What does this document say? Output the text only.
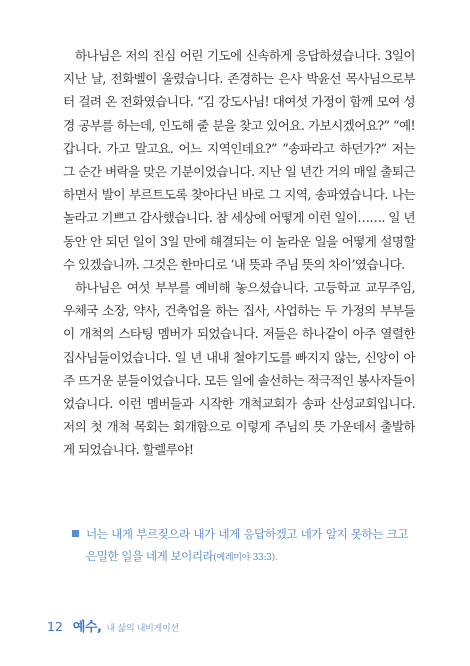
하나님은 저의 진심 어린 기도에 신속하게 응답하셨습니다. 3일이 지난 날, 전화벨이 울렸습니다. 존경하는 은사 박윤선 목사님으로부터 걸려 온 전화였습니다. “김 강도사님! 대여섯 가정이 함께 모여 성경 공부를 하는데, 인도해 줄 분을 찾고 있어요. 가보시겠어요?” “예! 갑니다. 가고 말고요. 어느 지역인데요?” “송파라고 하던가?” 저는 그 순간 벼락을 맞은 기분이었습니다. 지난 일 년간 거의 매일 출퇴근하면서 발이 부르트도록 찾아다닌 바로 그 지역, 송파였습니다. 나는 놀라고 기쁘고 감사했습니다. 참 세상에 어떻게 이런 일이……. 일 년 동안 안 되던 일이 3일 만에 해결되는 이 놀라운 일을 어떻게 설명할 수 있겠습니까. 그것은 한마디로 ‘내 뜻과 주님 뜻의 차이’였습니다.

하나님은 여섯 부부를 예비해 놓으셨습니다. 고등학교 교무주임, 우체국 소장, 약사, 건축업을 하는 집사, 사업하는 두 가정의 부부들이 개척의 스타팅 멤버가 되었습니다. 저들은 하나같이 아주 열렬한 집사님들이었습니다. 일 년 내내 철야기도를 빠지지 않는, 신앙이 아주 뜨거운 분들이었습니다. 모든 일에 솔선하는 적극적인 봉사자들이었습니다. 이런 멤버들과 시작한 개척교회가 송파 산성교회입니다. 저의 첫 개척 목회는 회개함으로 이렇게 주님의 뜻 가운데서 출발하게 되었습니다. 할렐루야!

너는 내게 부르짖으라 내가 네게 응답하겠고 네가 알지 못하는 크고 은밀한 일을 네게 보이리라(예레미야 33:3).
12 예수, 내 삶의 내비게이션
